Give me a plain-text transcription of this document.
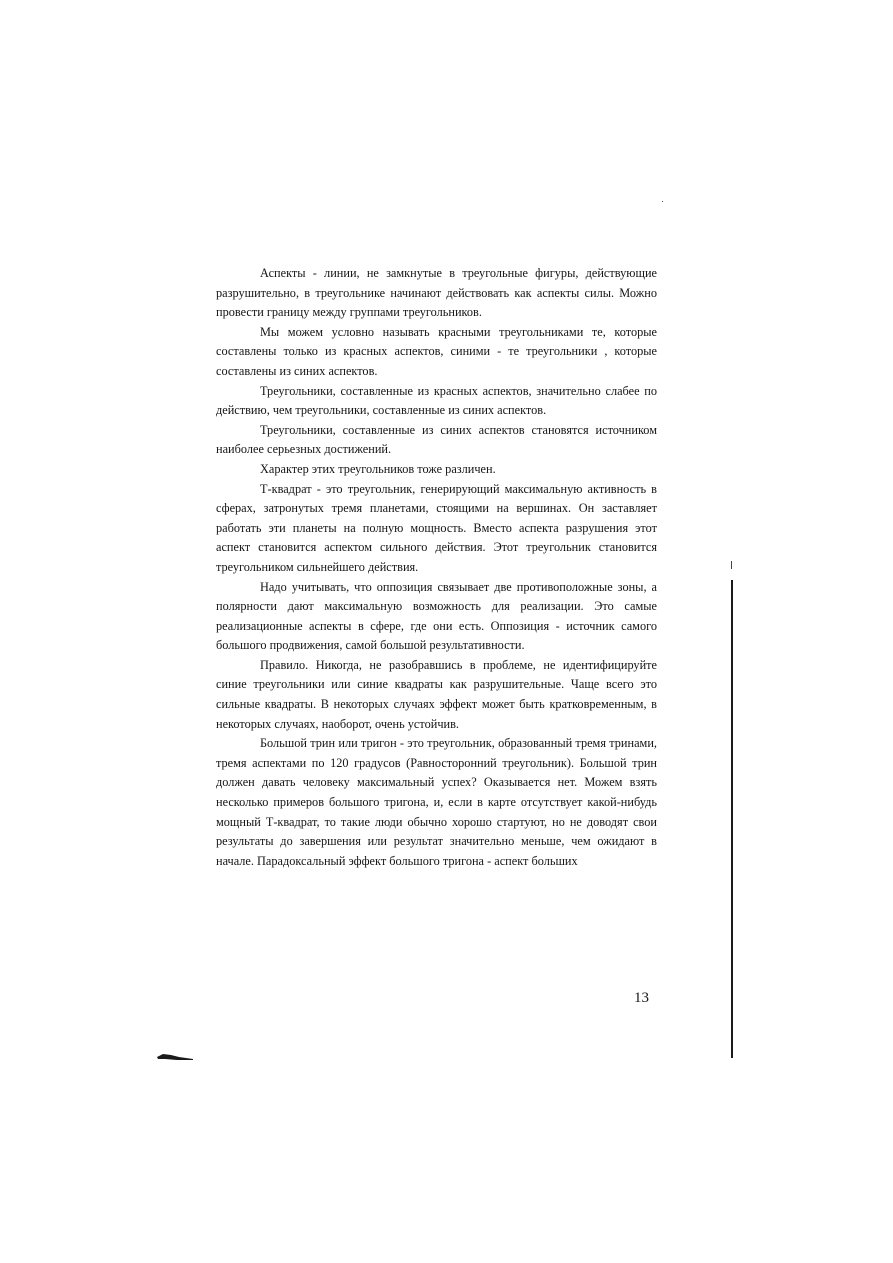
Аспекты - линии, не замкнутые в треугольные фигуры, действующие разрушительно, в треугольнике начинают действовать как аспекты силы. Можно провести границу между группами треугольников.

Мы можем условно называть красными треугольниками те, которые составлены только из красных аспектов, синими - те треугольники , которые составлены из синих аспектов.

Треугольники, составленные из красных аспектов, значительно слабее по действию, чем треугольники, составленные из синих аспектов.

Треугольники, составленные из синих аспектов становятся источником наиболее серьезных достижений.

Характер этих треугольников тоже различен.

Т-квадрат - это треугольник, генерирующий максимальную активность в сферах, затронутых тремя планетами, стоящими на вершинах. Он заставляет работать эти планеты на полную мощность. Вместо аспекта разрушения этот аспект становится аспектом сильного действия. Этот треугольник становится треугольником сильнейшего действия.

Надо учитывать, что оппозиция связывает две противоположные зоны, а полярности дают максимальную возможность для реализации. Это самые реализационные аспекты в сфере, где они есть. Оппозиция - источник самого большого продвижения, самой большой результативности.

Правило. Никогда, не разобравшись в проблеме, не идентифицируйте синие треугольники или синие квадраты как разрушительные. Чаще всего это сильные квадраты. В некоторых случаях эффект может быть кратковременным, в некоторых случаях, наоборот, очень устойчив.

Большой трин или тригон - это треугольник, образованный тремя тринами, тремя аспектами по 120 градусов (Равносторонний треугольник). Большой трин должен давать человеку максимальный успех? Оказывается нет. Можем взять несколько примеров большого тригона, и, если в карте отсутствует какой-нибудь мощный Т-квадрат, то такие люди обычно хорошо стартуют, но не доводят свои результаты до завершения или результат значительно меньше, чем ожидают в начале. Парадоксальный эффект большого тригона - аспект больших

13
